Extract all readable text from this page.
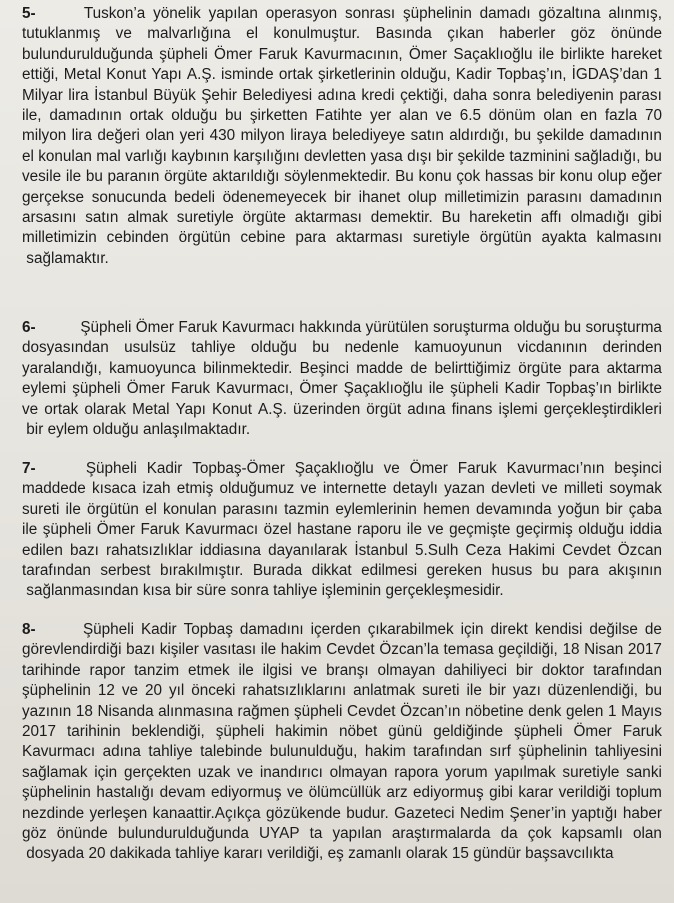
5-	Tuskon’a yönelik yapılan operasyon sonrası şüphelinin damadı gözaltına alınmış,
tutuklanmış ve malvarlığına el konulmuştur. Basında çıkan haberler göz önünde
bulundurulduğunda şüpheli Ömer Faruk Kavurmacının, Ömer Saçaklıoğlu ile birlikte hareket
ettiği, Metal Konut Yapı A.Ş. isminde ortak şirketlerinin olduğu, Kadir Topbaş’ın, İGDAŞ’dan 1
Milyar lira İstanbul Büyük Şehir Belediyesi adına kredi çektiği, daha sonra belediyenin parası
ile, damadının ortak olduğu bu şirketten Fatihte yer alan ve 6.5 dönüm olan en fazla 70
milyon lira değeri olan yeri 430 milyon liraya belediyeye satın aldırdığı, bu şekilde damadının
el konulan mal varlığı kaybının karşılığını devletten yasa dışı bir şekilde tazminini sağladığı, bu
vesile ile bu paranın örgüte aktarıldığı söylenmektedir. Bu konu çok hassas bir konu olup eğer
gerçekse sonucunda bedeli ödenemeyecek bir ihanet olup milletimizin parasını damadının
arsasını satın almak suretiyle örgüte aktarması demektir. Bu hareketin affı olmadığı gibi
milletimizin cebinden örgütün cebine para aktarması suretiyle örgütün ayakta kalmasını
sağlamaktır.
6-	Şüpheli Ömer Faruk Kavurmacı hakkında yürütülen soruşturma olduğu bu soruşturma
dosyasından usulsüz tahliye olduğu bu nedenle kamuoyunun vicdanının derinden
yaralandığı, kamuoyunca bilinmektedir. Beşinci madde de belirttiğimiz örgüte para aktarma
eylemi şüpheli Ömer Faruk Kavurmacı, Ömer Şaçaklıoğlu ile şüpheli Kadir Topbaş’ın birlikte
ve ortak olarak Metal Yapı Konut A.Ş. üzerinden örgüt adına finans işlemi gerçekleştirdikleri
bir eylem olduğu anlaşılmaktadır.
7-	Şüpheli Kadir Topbaş-Ömer Şaçaklıoğlu ve Ömer Faruk Kavurmacı’nın beşinci
maddede kısaca izah etmiş olduğumuz ve internette detaylı yazan devleti ve milleti soymak
sureti ile örgütün el konulan parasını tazmin eylemlerinin hemen devamında yoğun bir çaba
ile şüpheli Ömer Faruk Kavurmacı özel hastane raporu ile ve geçmişte geçirmiş olduğu iddia
edilen bazı rahatsızlıklar iddiasına dayanılarak İstanbul 5.Sulh Ceza Hakimi Cevdet Özcan
tarafından serbest bırakılmıştır. Burada dikkat edilmesi gereken husus bu para akışının
sağlanmasından kısa bir süre sonra tahliye işleminin gerçekleşmesidir.
8-	Şüpheli Kadir Topbaş damadını içerden çıkarabilmek için direkt kendisi değilse de
görevlendirdiği bazı kişiler vasıtası ile hakim Cevdet Özcan’la temasa geçildiği, 18 Nisan 2017
tarihinde rapor tanzim etmek ile ilgisi ve branşı olmayan dahiliyeci bir doktor tarafından
şüphelinin 12 ve 20 yıl önceki rahatsızlıklarını anlatmak sureti ile bir yazı düzenlendiği, bu
yazının 18 Nisanda alınmasına rağmen şüpheli Cevdet Özcan’ın nöbetine denk gelen 1 Mayıs
2017 tarihinin beklendiği, şüpheli hakimin nöbet günü geldiğinde şüpheli Ömer Faruk
Kavurmacı adına tahliye talebinde bulunulduğu, hakim tarafından sırf şüphelinin tahliyesini
sağlamak için gerçekten uzak ve inandırıcı olmayan rapora yorum yapılmak suretiyle sanki
şüphelinin hastalığı devam ediyormuş ve ölümcüllük arz ediyormuş gibi karar verildiği toplum
nezdinde yerleşen kanaattir.Açıkça gözükende budur. Gazeteci Nedim Şener’in yaptığı haber
göz önünde bulundurulduğunda UYAP ta yapılan araştırmalarda da çok kapsamlı olan
dosyada 20 dakikada tahliye kararı verildiği, eş zamanlı olarak 15 gündür başsavcılıkta
